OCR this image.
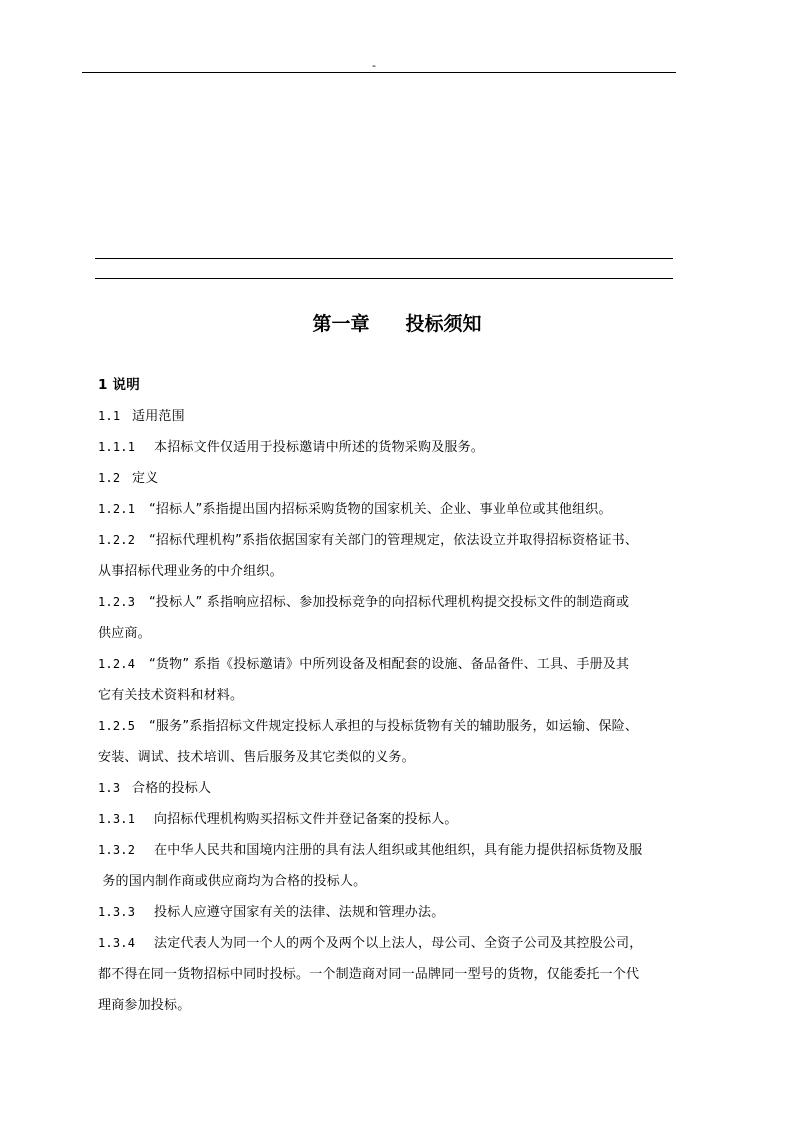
-
第一章 投标须知
1 说明
1.1 适用范围
1.1.1 本招标文件仅适用于投标邀请中所述的货物采购及服务。
1.2 定义
1.2.1 “招标人”系指提出国内招标采购货物的国家机关、企业、事业单位或其他组织。
1.2.2 “招标代理机构”系指依据国家有关部门的管理规定，依法设立并取得招标资格证书、
从事招标代理业务的中介组织。
1.2.3 “投标人” 系指响应招标、参加投标竞争的向招标代理机构提交投标文件的制造商或
供应商。
1.2.4 “货物” 系指《投标邀请》中所列设备及相配套的设施、备品备件、工具、手册及其
它有关技术资料和材料。
1.2.5 “服务”系指招标文件规定投标人承担的与投标货物有关的辅助服务，如运输、保险、
安装、调试、技术培训、售后服务及其它类似的义务。
1.3 合格的投标人
1.3.1 向招标代理机构购买招标文件并登记备案的投标人。
1.3.2 在中华人民共和国境内注册的具有法人组织或其他组织，具有能力提供招标货物及服
务的国内制作商或供应商均为合格的投标人。
1.3.3 投标人应遵守国家有关的法律、法规和管理办法。
1.3.4 法定代表人为同一个人的两个及两个以上法人，母公司、全资子公司及其控股公司，
都不得在同一货物招标中同时投标。一个制造商对同一品牌同一型号的货物，仅能委托一个代
理商参加投标。
